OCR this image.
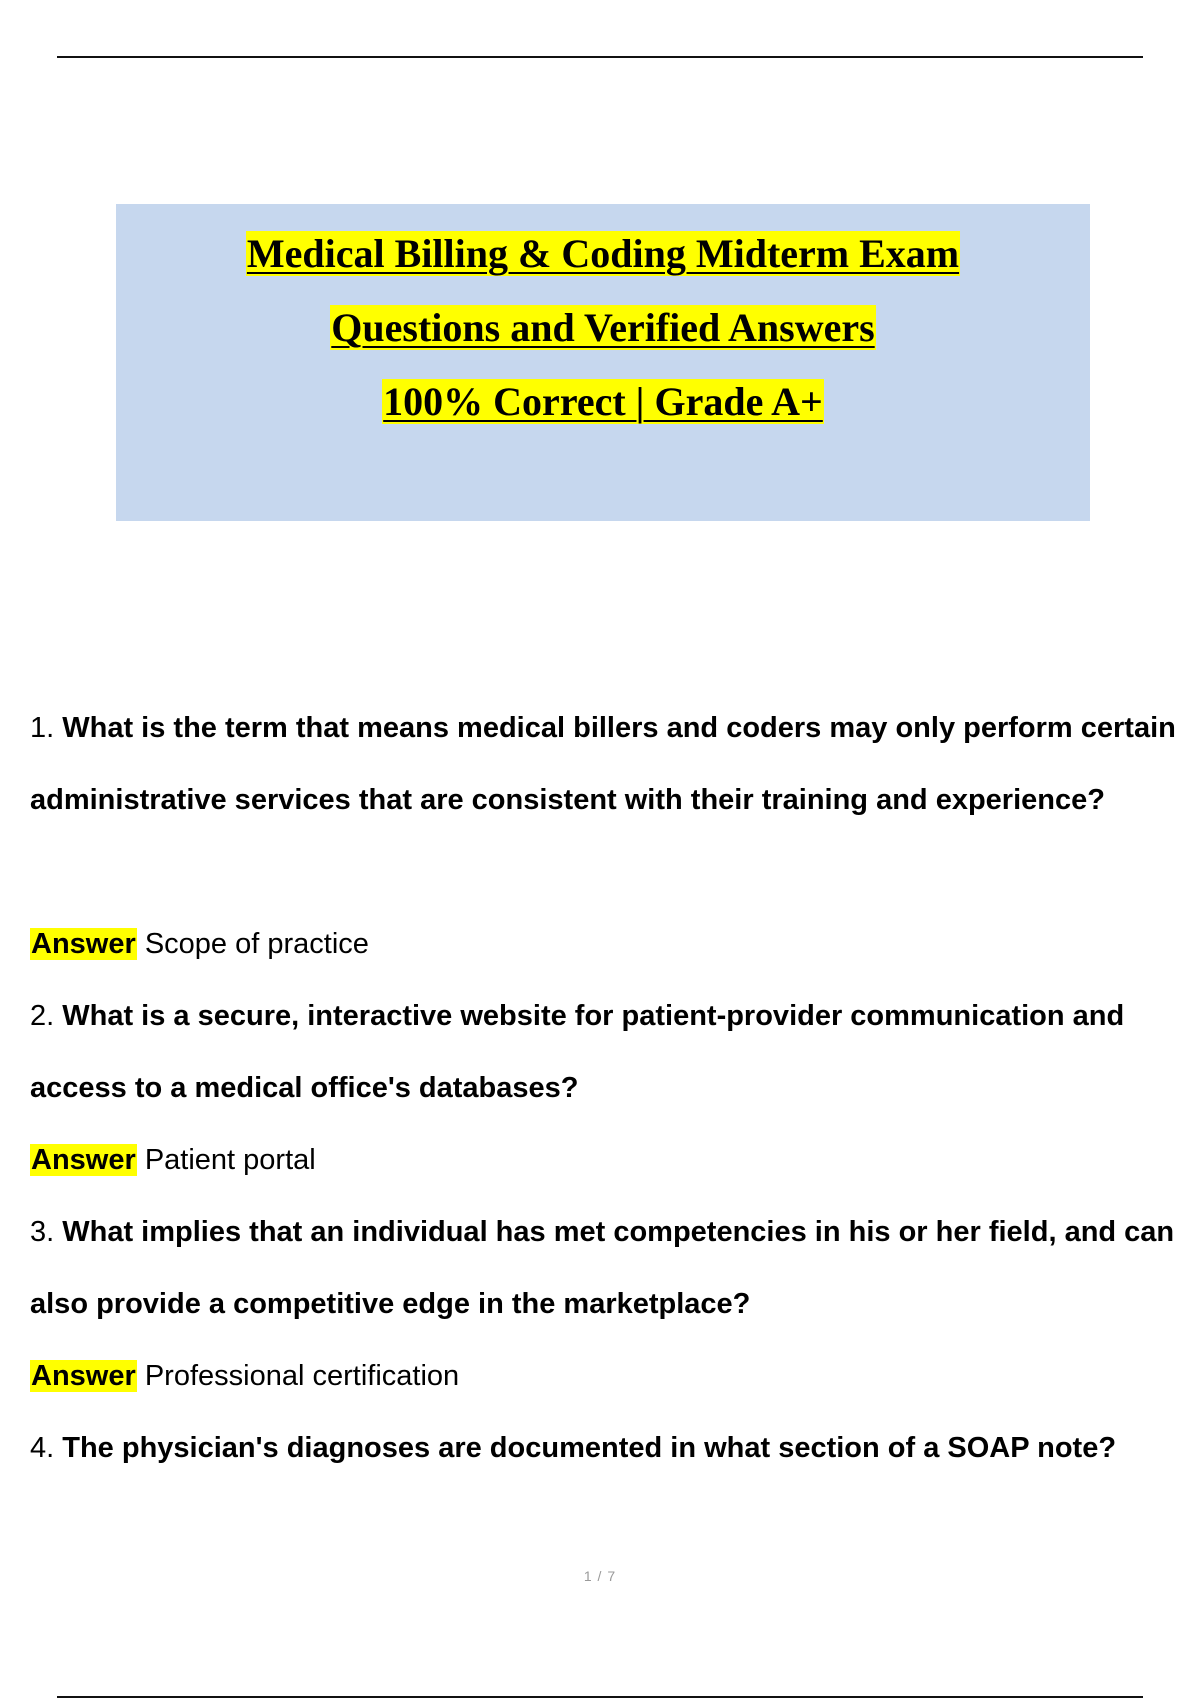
Medical Billing & Coding Midterm Exam
Questions and Verified Answers
100% Correct | Grade A+
1. What is the term that means medical billers and coders may only perform certain administrative services that are consistent with their training and experience?
Answer Scope of practice
2. What is a secure, interactive website for patient-provider communication and access to a medical office's databases?
Answer Patient portal
3. What implies that an individual has met competencies in his or her field, and can also provide a competitive edge in the marketplace?
Answer Professional certification
4. The physician's diagnoses are documented in what section of a SOAP note?
1 / 7
